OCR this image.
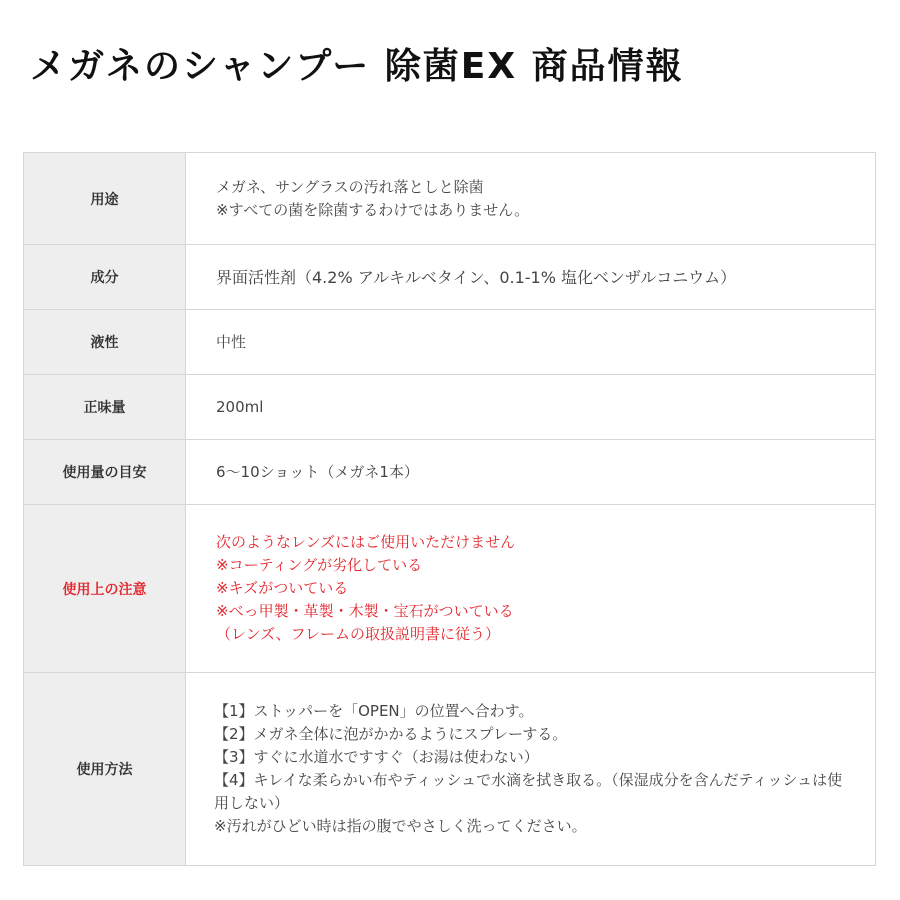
メガネのシャンプー 除菌EX 商品情報
用途	メガネ、サングラスの汚れ落としと除菌
※すべての菌を除菌するわけではありません。

成分	界面活性剤（4.2% アルキルベタイン、0.1-1% 塩化ベンザルコニウム）

液性	中性

正味量	200ml

使用量の目安	6～10ショット（メガネ1本）

使用上の注意	次のようなレンズにはご使用いただけません
※コーティングが劣化している
※キズがついている
※べっ甲製・革製・木製・宝石がついている
（レンズ、フレームの取扱説明書に従う）

使用方法	【1】ストッパーを「OPEN」の位置へ合わす。
【2】メガネ全体に泡がかかるようにスプレーする。
【3】すぐに水道水ですすぐ（お湯は使わない）
【4】キレイな柔らかい布やティッシュで水滴を拭き取る。（保湿成分を含んだティッシュは使用しない）
※汚れがひどい時は指の腹でやさしく洗ってください。
